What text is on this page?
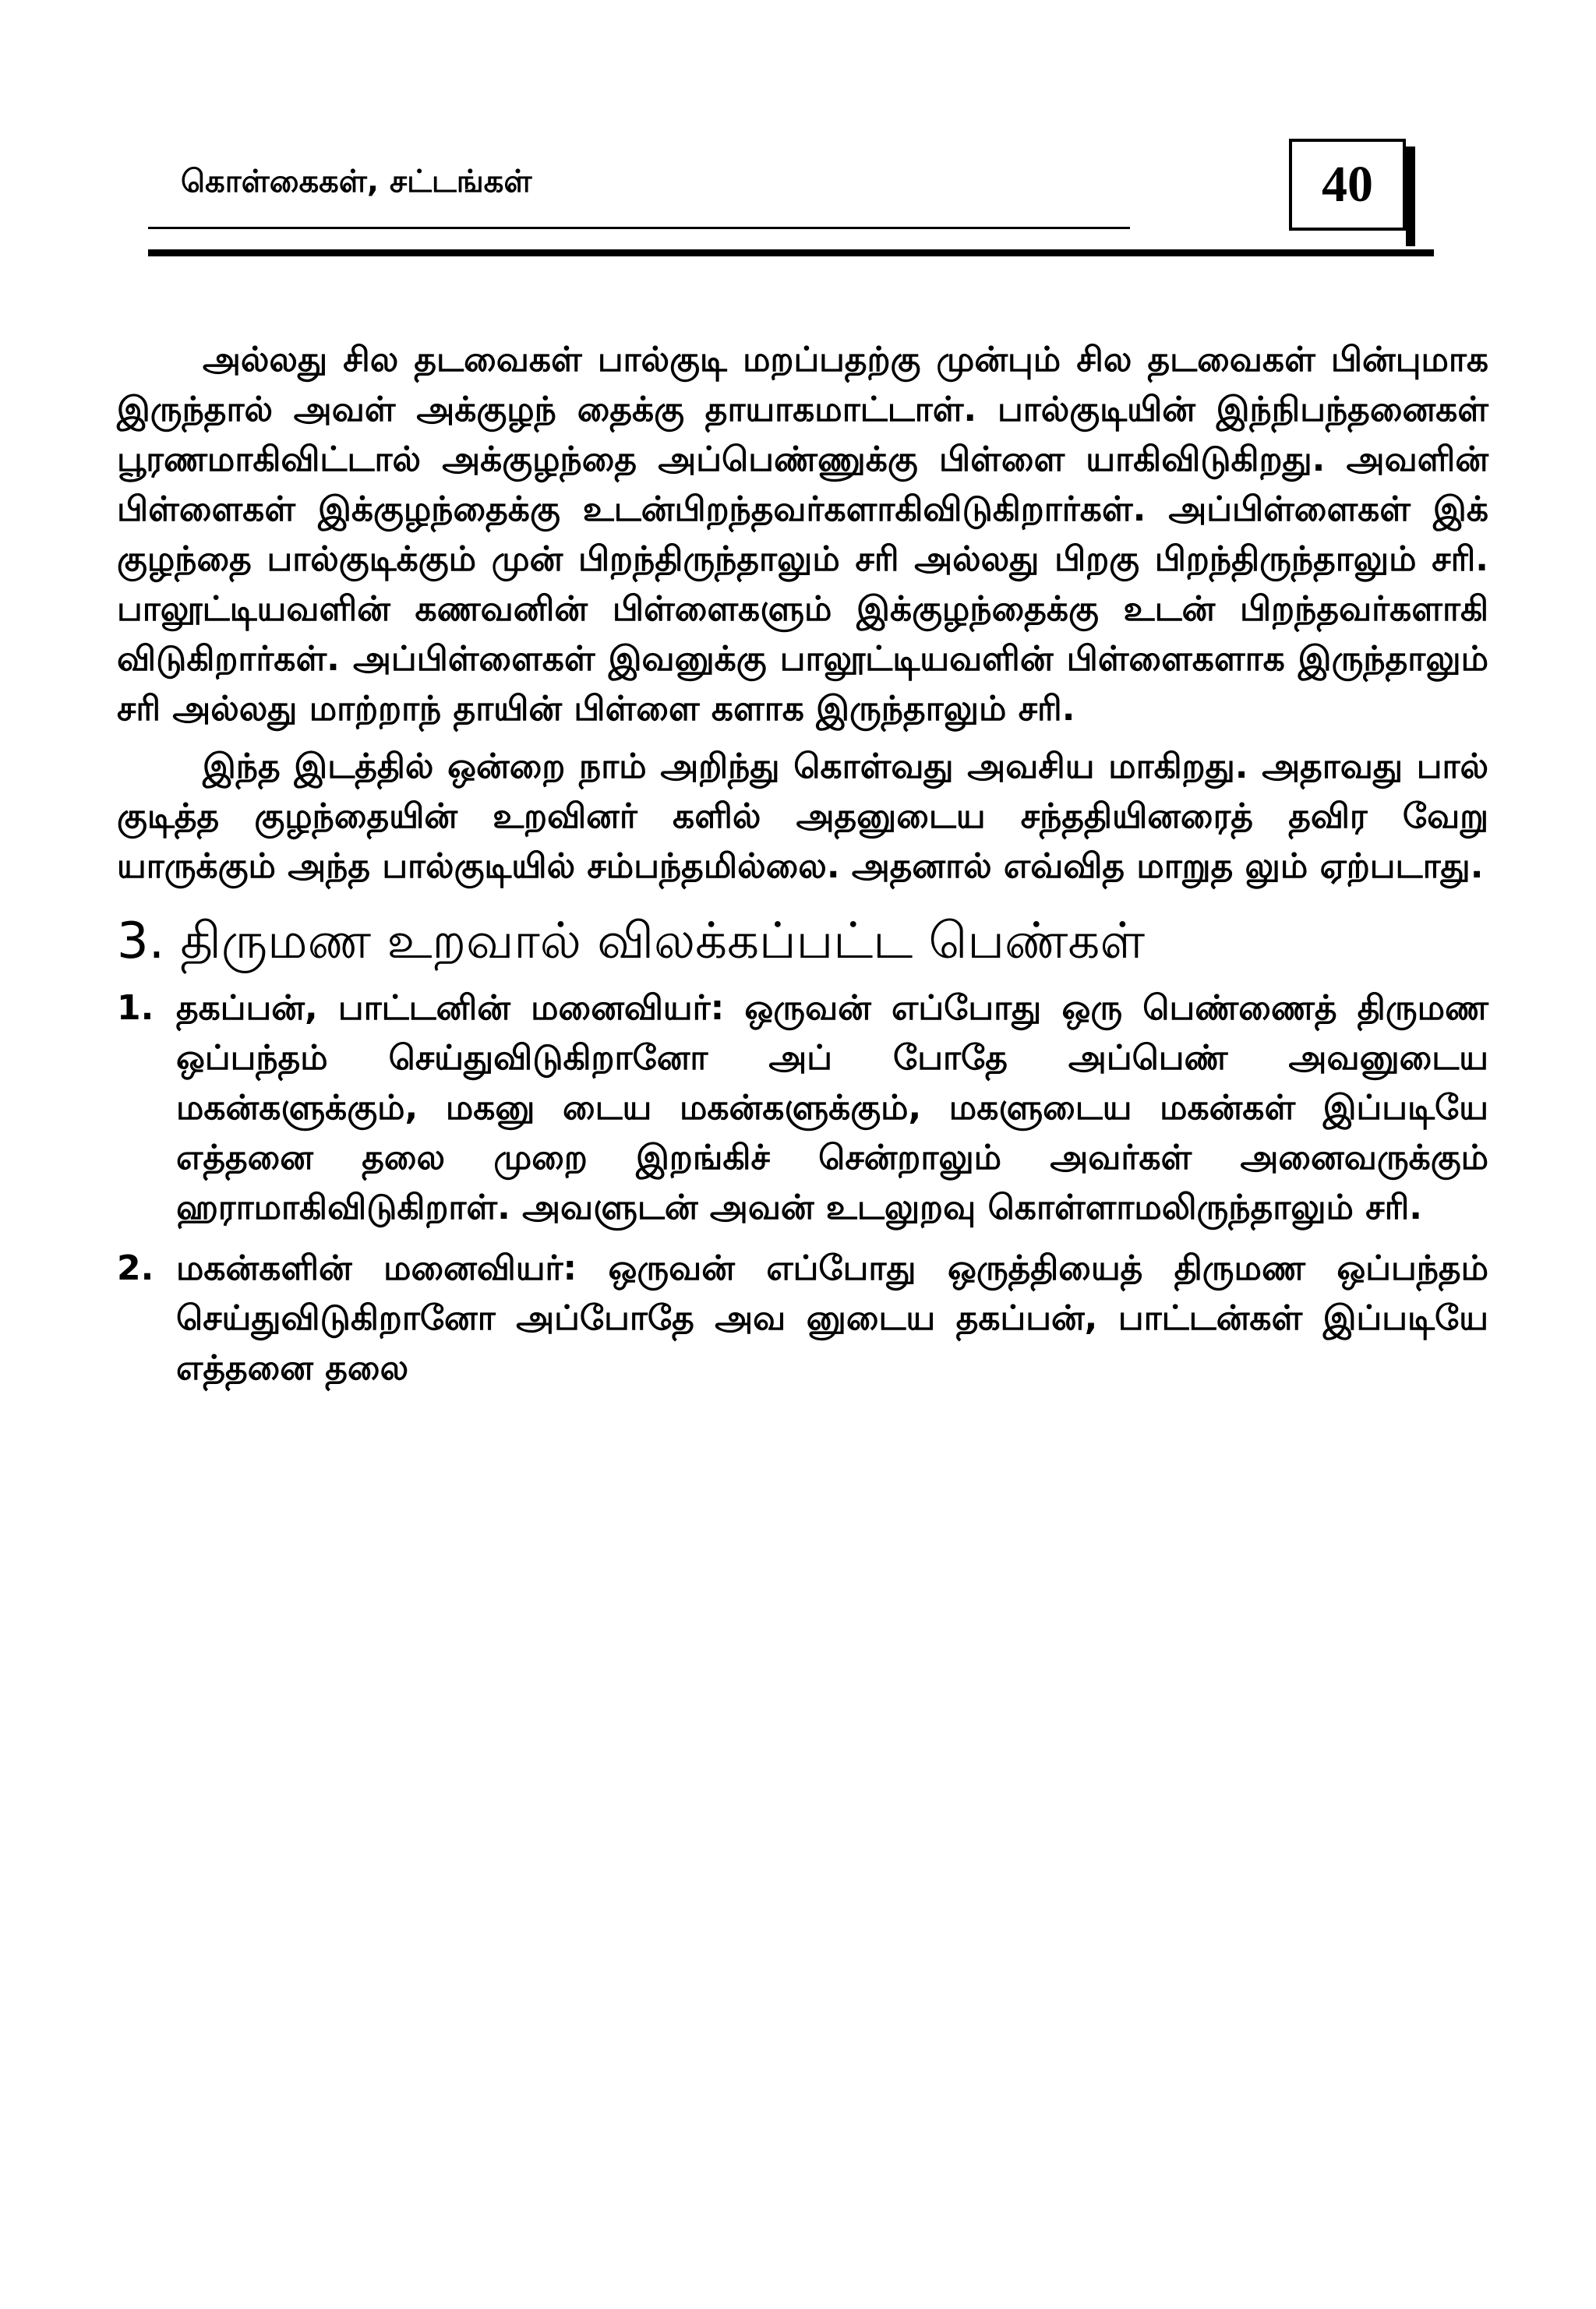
கொள்கைகள், சட்டங்கள்	40

அல்லது சில தடவைகள் பால்குடி மறப்பதற்கு முன்பும் சில தடவைகள் பின்புமாக இருந்தால் அவள் அக்குழந் தைக்கு தாயாகமாட்டாள். பால்குடியின் இந்நிபந்தனைகள் பூரணமாகிவிட்டால் அக்குழந்தை அப்பெண்ணுக்கு பிள்ளை யாகிவிடுகிறது. அவளின் பிள்ளைகள் இக்குழந்தைக்கு உடன்பிறந்தவர்களாகிவிடுகிறார்கள். அப்பிள்ளைகள் இக் குழந்தை பால்குடிக்கும் முன் பிறந்திருந்தாலும் சரி அல்லது பிறகு பிறந்திருந்தாலும் சரி. பாலூட்டியவளின் கணவனின் பிள்ளைகளும் இக்குழந்தைக்கு உடன் பிறந்தவர்களாகி விடுகிறார்கள். அப்பிள்ளைகள் இவனுக்கு பாலூட்டியவளின் பிள்ளைகளாக இருந்தாலும் சரி அல்லது மாற்றாந் தாயின் பிள்ளை களாக இருந்தாலும் சரி.

இந்த இடத்தில் ஒன்றை நாம் அறிந்து கொள்வது அவசிய மாகிறது. அதாவது பால் குடித்த குழந்தையின் உறவினர் களில் அதனுடைய சந்ததியினரைத் தவிர வேறு யாருக்கும் அந்த பால்குடியில் சம்பந்தமில்லை. அதனால் எவ்வித மாறுத லும் ஏற்படாது.

3. திருமண உறவால் விலக்கப்பட்ட பெண்கள்
1. தகப்பன், பாட்டனின் மனைவியர்: ஒருவன் எப்போது ஒரு பெண்ணைத் திருமண ஒப்பந்தம் செய்துவிடுகிறானோ அப் போதே அப்பெண் அவனுடைய மகன்களுக்கும், மகனு டைய மகன்களுக்கும், மகளுடைய மகன்கள் இப்படியே எத்தனை தலை முறை இறங்கிச் சென்றாலும் அவர்கள் அனைவருக்கும் ஹராமாகிவிடுகிறாள். அவளுடன் அவன் உடலுறவு கொள்ளாமலிருந்தாலும் சரி.
2. மகன்களின் மனைவியர்: ஒருவன் எப்போது ஒருத்தியைத் திருமண ஒப்பந்தம் செய்துவிடுகிறானோ அப்போதே அவ னுடைய தகப்பன், பாட்டன்கள் இப்படியே எத்தனை தலை
